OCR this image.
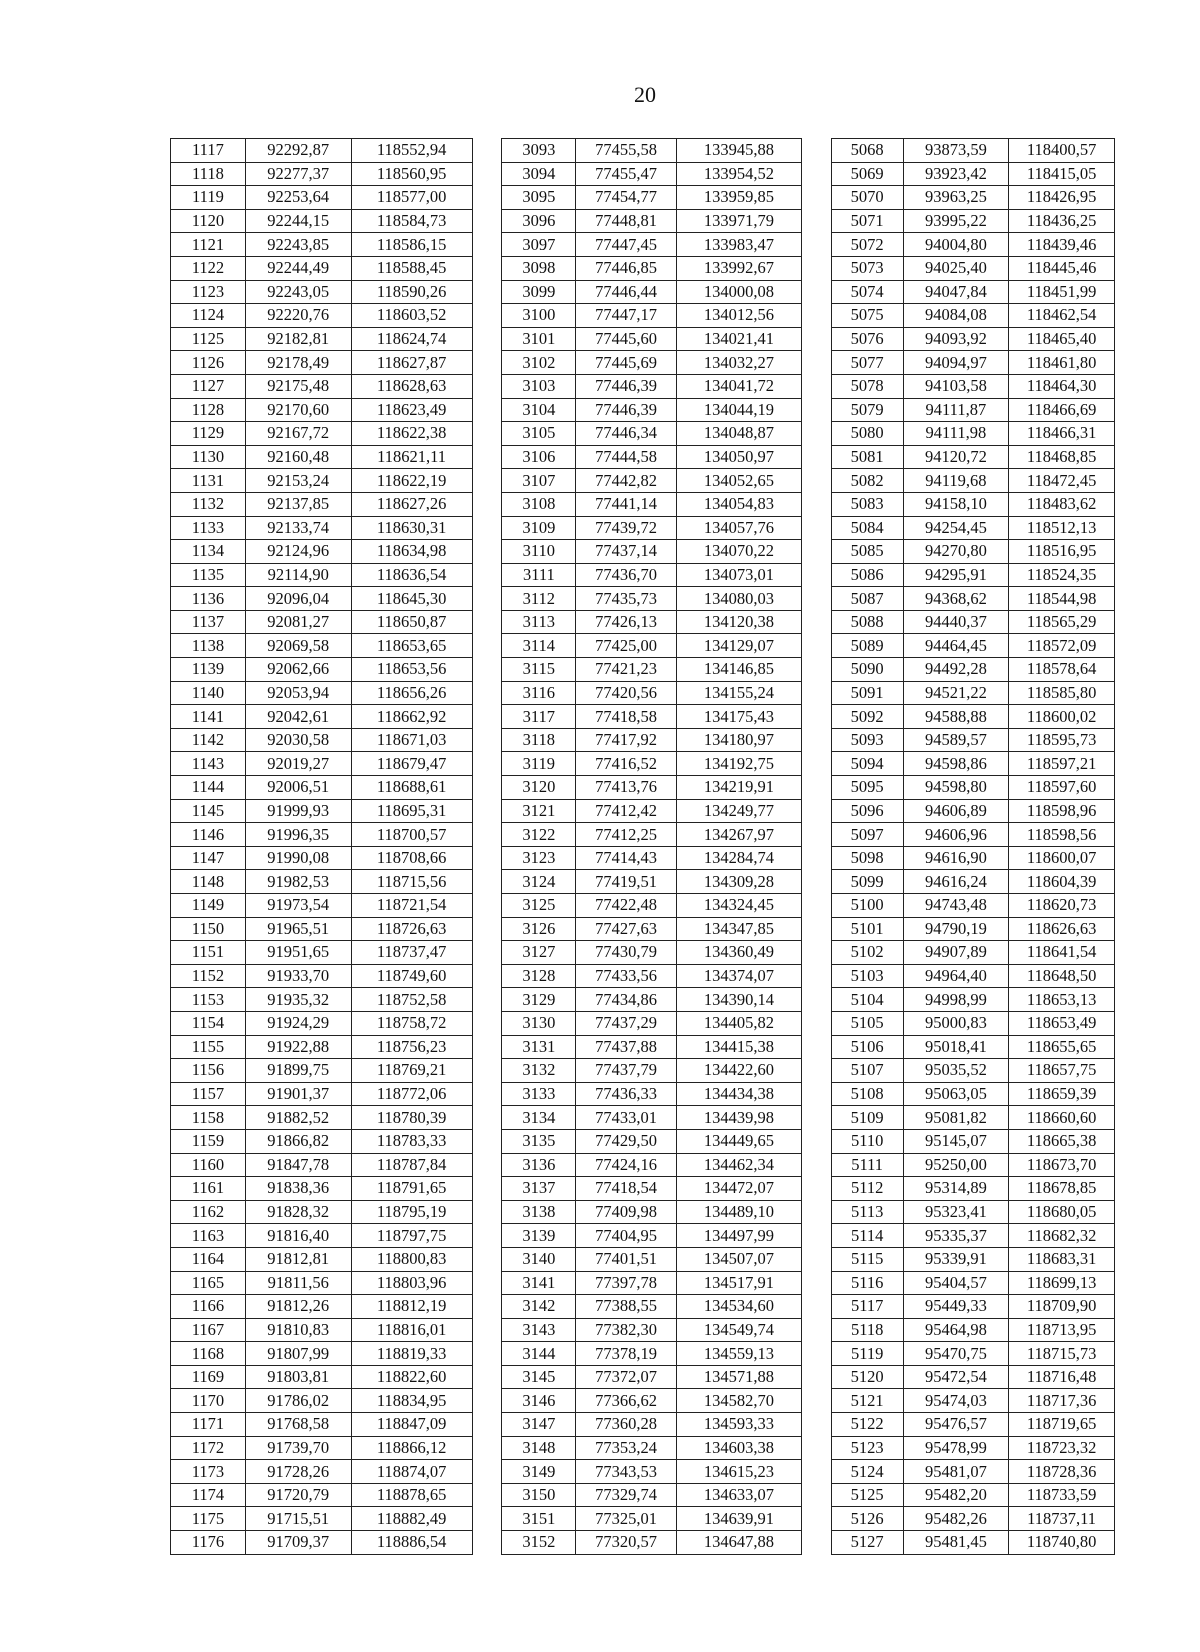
20
1117	92292,87	118552,94		3093	77455,58	133945,88		5068	93873,59	118400,57
1118	92277,37	118560,95		3094	77455,47	133954,52		5069	93923,42	118415,05
1119	92253,64	118577,00		3095	77454,77	133959,85		5070	93963,25	118426,95
1120	92244,15	118584,73		3096	77448,81	133971,79		5071	93995,22	118436,25
1121	92243,85	118586,15		3097	77447,45	133983,47		5072	94004,80	118439,46
1122	92244,49	118588,45		3098	77446,85	133992,67		5073	94025,40	118445,46
1123	92243,05	118590,26		3099	77446,44	134000,08		5074	94047,84	118451,99
1124	92220,76	118603,52		3100	77447,17	134012,56		5075	94084,08	118462,54
1125	92182,81	118624,74		3101	77445,60	134021,41		5076	94093,92	118465,40
1126	92178,49	118627,87		3102	77445,69	134032,27		5077	94094,97	118461,80
1127	92175,48	118628,63		3103	77446,39	134041,72		5078	94103,58	118464,30
1128	92170,60	118623,49		3104	77446,39	134044,19		5079	94111,87	118466,69
1129	92167,72	118622,38		3105	77446,34	134048,87		5080	94111,98	118466,31
1130	92160,48	118621,11		3106	77444,58	134050,97		5081	94120,72	118468,85
1131	92153,24	118622,19		3107	77442,82	134052,65		5082	94119,68	118472,45
1132	92137,85	118627,26		3108	77441,14	134054,83		5083	94158,10	118483,62
1133	92133,74	118630,31		3109	77439,72	134057,76		5084	94254,45	118512,13
1134	92124,96	118634,98		3110	77437,14	134070,22		5085	94270,80	118516,95
1135	92114,90	118636,54		3111	77436,70	134073,01		5086	94295,91	118524,35
1136	92096,04	118645,30		3112	77435,73	134080,03		5087	94368,62	118544,98
1137	92081,27	118650,87		3113	77426,13	134120,38		5088	94440,37	118565,29
1138	92069,58	118653,65		3114	77425,00	134129,07		5089	94464,45	118572,09
1139	92062,66	118653,56		3115	77421,23	134146,85		5090	94492,28	118578,64
1140	92053,94	118656,26		3116	77420,56	134155,24		5091	94521,22	118585,80
1141	92042,61	118662,92		3117	77418,58	134175,43		5092	94588,88	118600,02
1142	92030,58	118671,03		3118	77417,92	134180,97		5093	94589,57	118595,73
1143	92019,27	118679,47		3119	77416,52	134192,75		5094	94598,86	118597,21
1144	92006,51	118688,61		3120	77413,76	134219,91		5095	94598,80	118597,60
1145	91999,93	118695,31		3121	77412,42	134249,77		5096	94606,89	118598,96
1146	91996,35	118700,57		3122	77412,25	134267,97		5097	94606,96	118598,56
1147	91990,08	118708,66		3123	77414,43	134284,74		5098	94616,90	118600,07
1148	91982,53	118715,56		3124	77419,51	134309,28		5099	94616,24	118604,39
1149	91973,54	118721,54		3125	77422,48	134324,45		5100	94743,48	118620,73
1150	91965,51	118726,63		3126	77427,63	134347,85		5101	94790,19	118626,63
1151	91951,65	118737,47		3127	77430,79	134360,49		5102	94907,89	118641,54
1152	91933,70	118749,60		3128	77433,56	134374,07		5103	94964,40	118648,50
1153	91935,32	118752,58		3129	77434,86	134390,14		5104	94998,99	118653,13
1154	91924,29	118758,72		3130	77437,29	134405,82		5105	95000,83	118653,49
1155	91922,88	118756,23		3131	77437,88	134415,38		5106	95018,41	118655,65
1156	91899,75	118769,21		3132	77437,79	134422,60		5107	95035,52	118657,75
1157	91901,37	118772,06		3133	77436,33	134434,38		5108	95063,05	118659,39
1158	91882,52	118780,39		3134	77433,01	134439,98		5109	95081,82	118660,60
1159	91866,82	118783,33		3135	77429,50	134449,65		5110	95145,07	118665,38
1160	91847,78	118787,84		3136	77424,16	134462,34		5111	95250,00	118673,70
1161	91838,36	118791,65		3137	77418,54	134472,07		5112	95314,89	118678,85
1162	91828,32	118795,19		3138	77409,98	134489,10		5113	95323,41	118680,05
1163	91816,40	118797,75		3139	77404,95	134497,99		5114	95335,37	118682,32
1164	91812,81	118800,83		3140	77401,51	134507,07		5115	95339,91	118683,31
1165	91811,56	118803,96		3141	77397,78	134517,91		5116	95404,57	118699,13
1166	91812,26	118812,19		3142	77388,55	134534,60		5117	95449,33	118709,90
1167	91810,83	118816,01		3143	77382,30	134549,74		5118	95464,98	118713,95
1168	91807,99	118819,33		3144	77378,19	134559,13		5119	95470,75	118715,73
1169	91803,81	118822,60		3145	77372,07	134571,88		5120	95472,54	118716,48
1170	91786,02	118834,95		3146	77366,62	134582,70		5121	95474,03	118717,36
1171	91768,58	118847,09		3147	77360,28	134593,33		5122	95476,57	118719,65
1172	91739,70	118866,12		3148	77353,24	134603,38		5123	95478,99	118723,32
1173	91728,26	118874,07		3149	77343,53	134615,23		5124	95481,07	118728,36
1174	91720,79	118878,65		3150	77329,74	134633,07		5125	95482,20	118733,59
1175	91715,51	118882,49		3151	77325,01	134639,91		5126	95482,26	118737,11
1176	91709,37	118886,54		3152	77320,57	134647,88		5127	95481,45	118740,80
